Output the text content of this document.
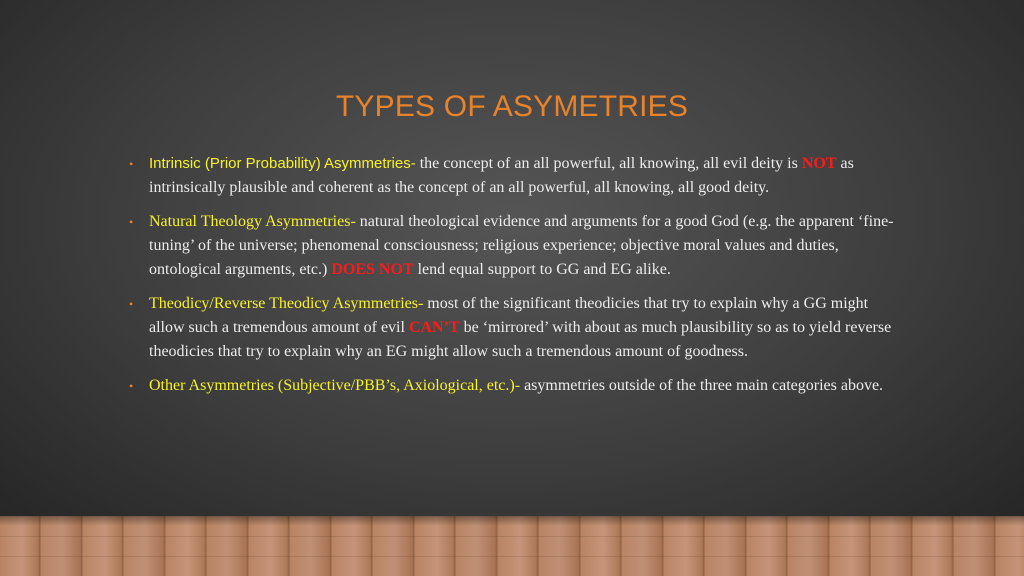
TYPES OF ASYMETRIES
• Intrinsic (Prior Probability) Asymmetries- the concept of an all powerful, all knowing, all evil deity is NOT as intrinsically plausible and coherent as the concept of an all powerful, all knowing, all good deity.
• Natural Theology Asymmetries- natural theological evidence and arguments for a good God (e.g. the apparent ‘fine-tuning’ of the universe; phenomenal consciousness; religious experience; objective moral values and duties, ontological arguments, etc.) DOES NOT lend equal support to GG and EG alike.
• Theodicy/Reverse Theodicy Asymmetries- most of the significant theodicies that try to explain why a GG might allow such a tremendous amount of evil CAN’T be ‘mirrored’ with about as much plausibility so as to yield reverse theodicies that try to explain why an EG might allow such a tremendous amount of goodness.
• Other Asymmetries (Subjective/PBB’s, Axiological, etc.)- asymmetries outside of the three main categories above.
